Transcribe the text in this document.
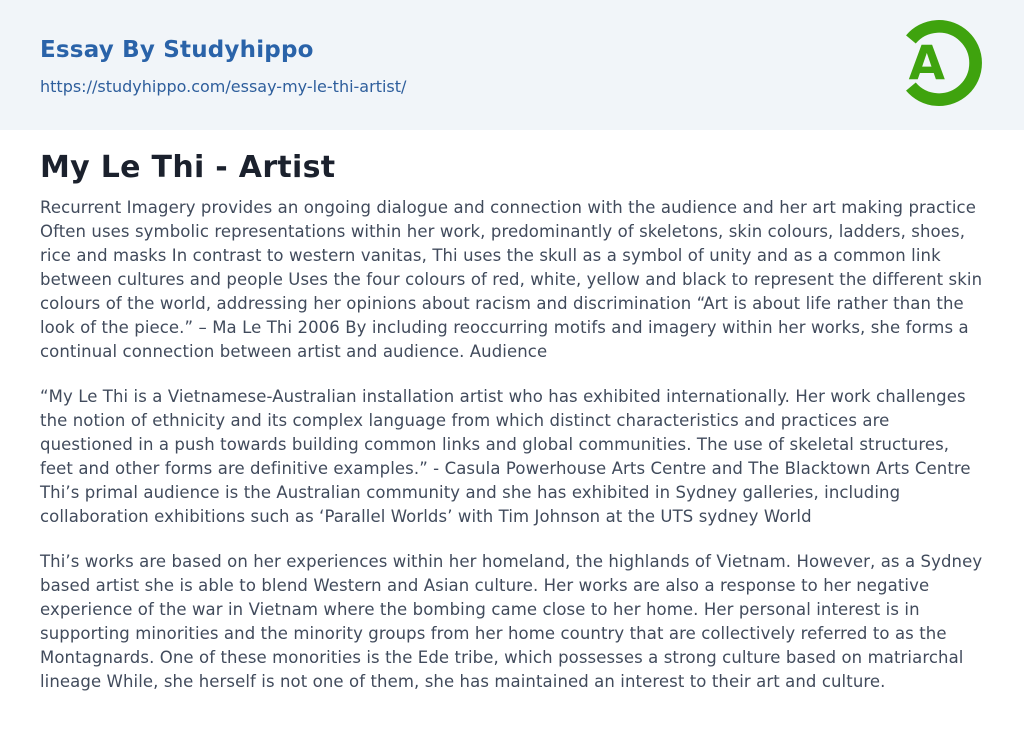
Essay By Studyhippo
https://studyhippo.com/essay-my-le-thi-artist/	A
My Le Thi - Artist

Recurrent Imagery provides an ongoing dialogue and connection with the audience and her art making practice Often uses symbolic representations within her work, predominantly of skeletons, skin colours, ladders, shoes, rice and masks In contrast to western vanitas, Thi uses the skull as a symbol of unity and as a common link between cultures and people Uses the four colours of red, white, yellow and black to represent the different skin colours of the world, addressing her opinions about racism and discrimination “Art is about life rather than the look of the piece.” – Ma Le Thi 2006 By including reoccurring motifs and imagery within her works, she forms a continual connection between artist and audience. Audience

“My Le Thi is a Vietnamese-Australian installation artist who has exhibited internationally. Her work challenges the notion of ethnicity and its complex language from which distinct characteristics and practices are questioned in a push towards building common links and global communities. The use of skeletal structures, feet and other forms are definitive examples.” - Casula Powerhouse Arts Centre and The Blacktown Arts Centre Thi’s primal audience is the Australian community and she has exhibited in Sydney galleries, including collaboration exhibitions such as ‘Parallel Worlds’ with Tim Johnson at the UTS sydney World

Thi’s works are based on her experiences within her homeland, the highlands of Vietnam. However, as a Sydney based artist she is able to blend Western and Asian culture. Her works are also a response to her negative experience of the war in Vietnam where the bombing came close to her home. Her personal interest is in supporting minorities and the minority groups from her home country that are collectively referred to as the Montagnards. One of these monorities is the Ede tribe, which possesses a strong culture based on matriarchal lineage While, she herself is not one of them, she has maintained an interest to their art and culture.
